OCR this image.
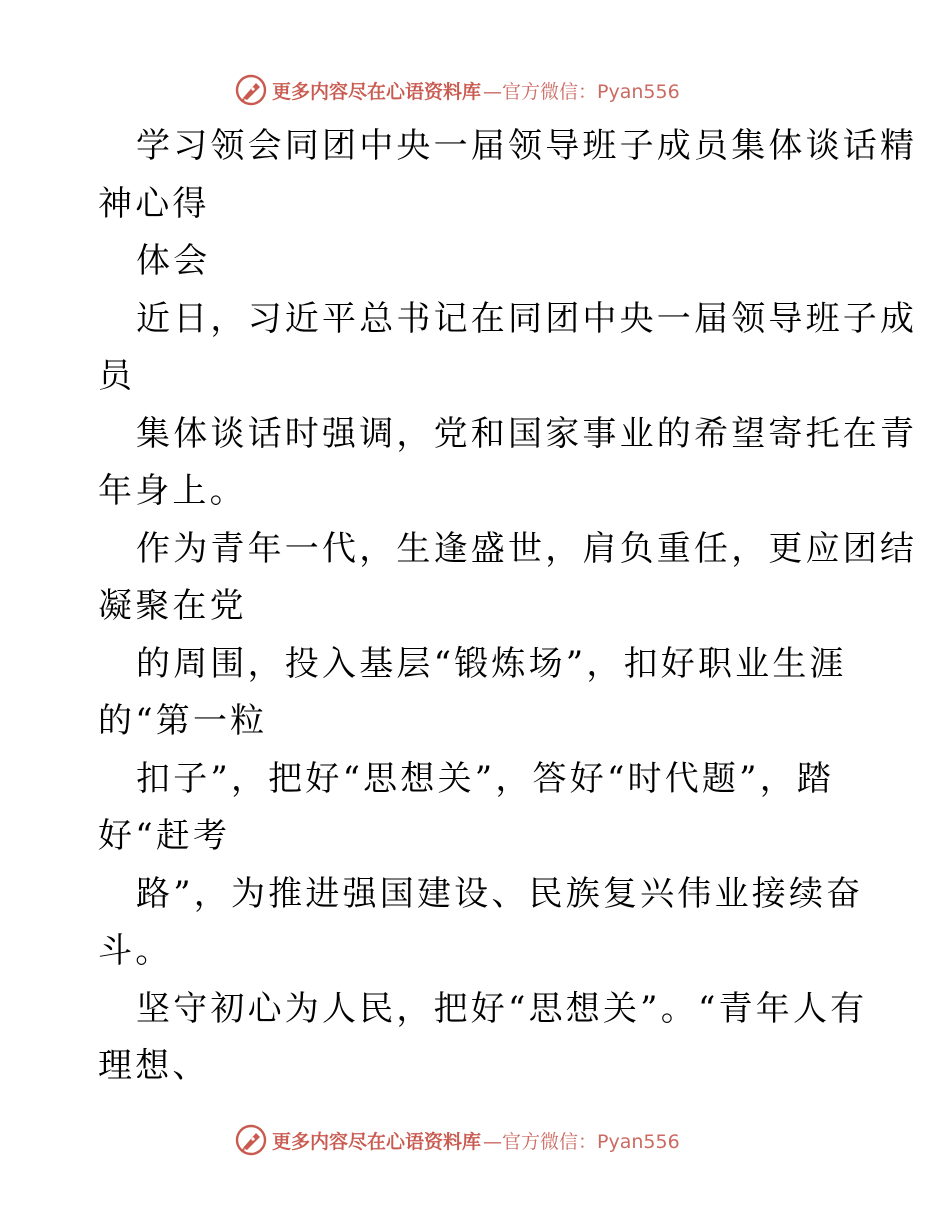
更多内容尽在心语资料库 —官方微信：Pyan556
学习领会同团中央一届领导班子成员集体谈话精
神心得
体会
近日，习近平总书记在同团中央一届领导班子成
员
集体谈话时强调，党和国家事业的希望寄托在青
年身上。
作为青年一代，生逢盛世，肩负重任，更应团结
凝聚在党
的周围，投入基层“锻炼场”，扣好职业生涯
的“第一粒
扣子”，把好“思想关”，答好“时代题”，踏
好“赶考
路”，为推进强国建设、民族复兴伟业接续奋
斗。
坚守初心为人民，把好“思想关”。“青年人有
理想、
更多内容尽在心语资料库 —官方微信：Pyan556
